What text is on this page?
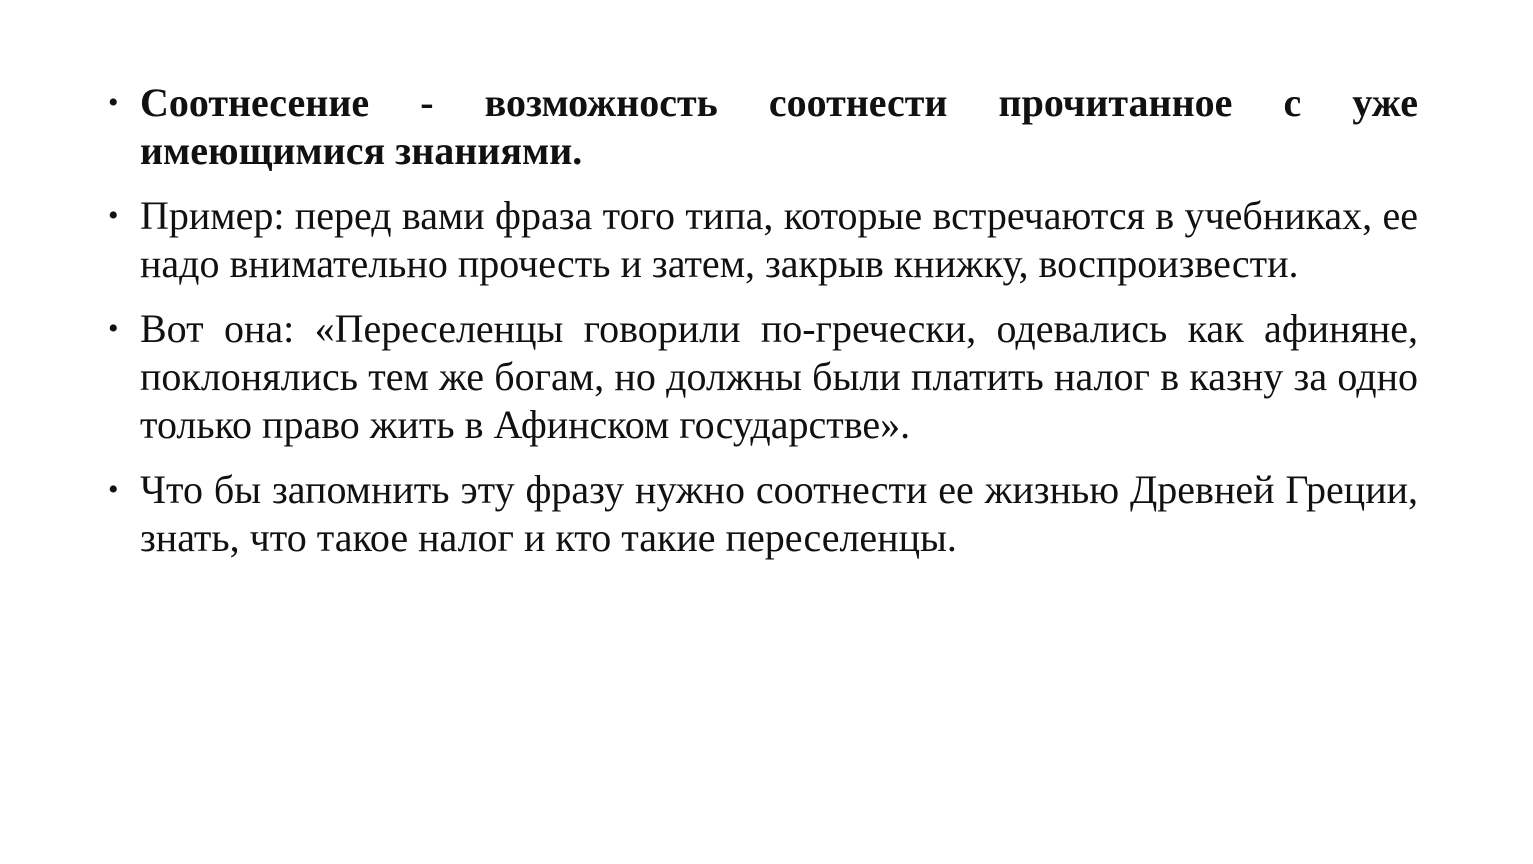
• Соотнесение - возможность соотнести прочитанное с уже имеющимися знаниями.
• Пример: перед вами фраза того типа, которые встречаются в учебниках, ее надо внимательно прочесть и затем, закрыв книжку, воспроизвести.
• Вот она: «Переселенцы говорили по-гречески, одевались как афиняне, поклонялись тем же богам, но должны были платить налог в казну за одно только право жить в Афинском государстве».
• Что бы запомнить эту фразу нужно соотнести ее жизнью Древней Греции, знать, что такое налог и кто такие переселенцы.
